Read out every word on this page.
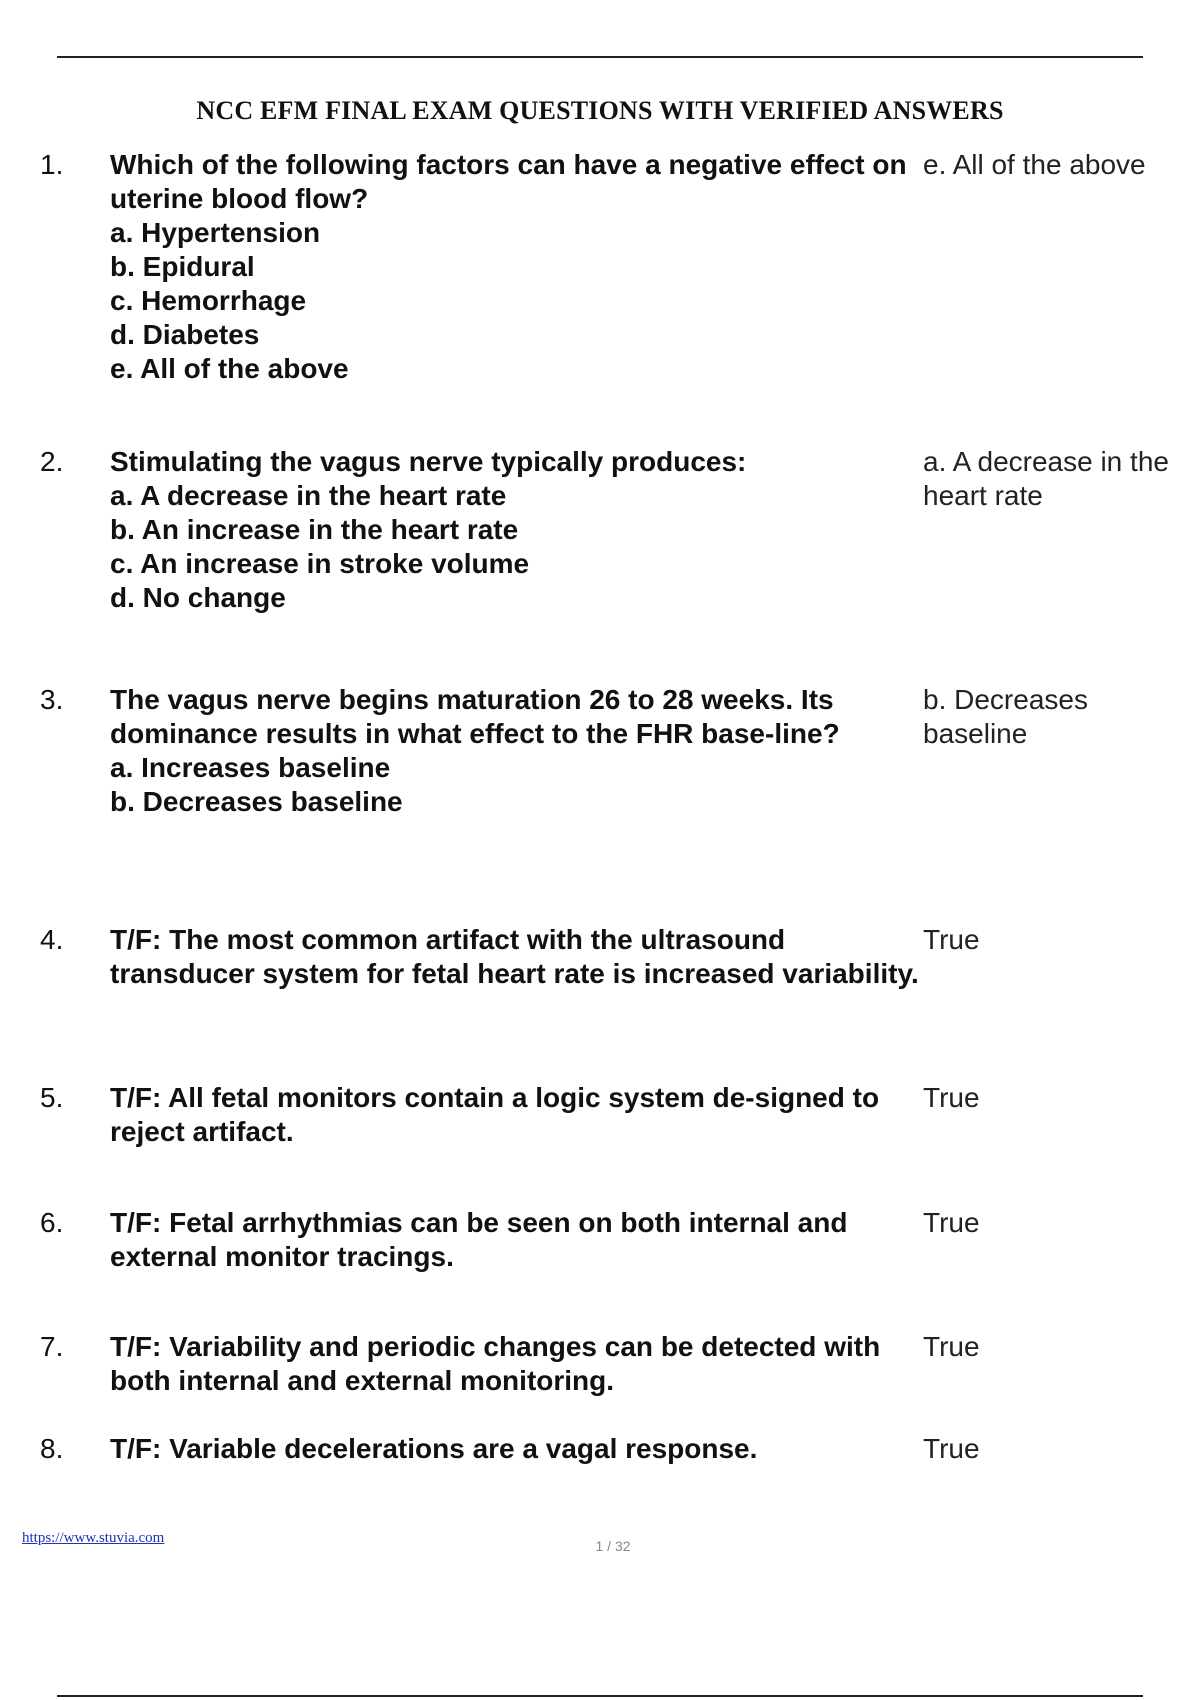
NCC EFM FINAL EXAM QUESTIONS WITH VERIFIED ANSWERS
1. Which of the following factors can have a negative effect on uterine blood flow?
a. Hypertension
b. Epidural
c. Hemorrhage
d. Diabetes
e. All of the above
e. All of the above
2. Stimulating the vagus nerve typically produces:
a. A decrease in the heart rate
b. An increase in the heart rate
c. An increase in stroke volume
d. No change
a. A decrease in the heart rate
3. The vagus nerve begins maturation 26 to 28 weeks. Its dominance results in what effect to the FHR base-line?
a. Increases baseline
b. Decreases baseline
b. Decreases baseline
4. T/F: The most common artifact with the ultrasound transducer system for fetal heart rate is increased variability.
True
5. T/F: All fetal monitors contain a logic system de-signed to reject artifact.
True
6. T/F: Fetal arrhythmias can be seen on both internal and external monitor tracings.
True
7. T/F: Variability and periodic changes can be detected with both internal and external monitoring.
True
8. T/F: Variable decelerations are a vagal response.	True
https://www.stuvia.com	1 / 32
